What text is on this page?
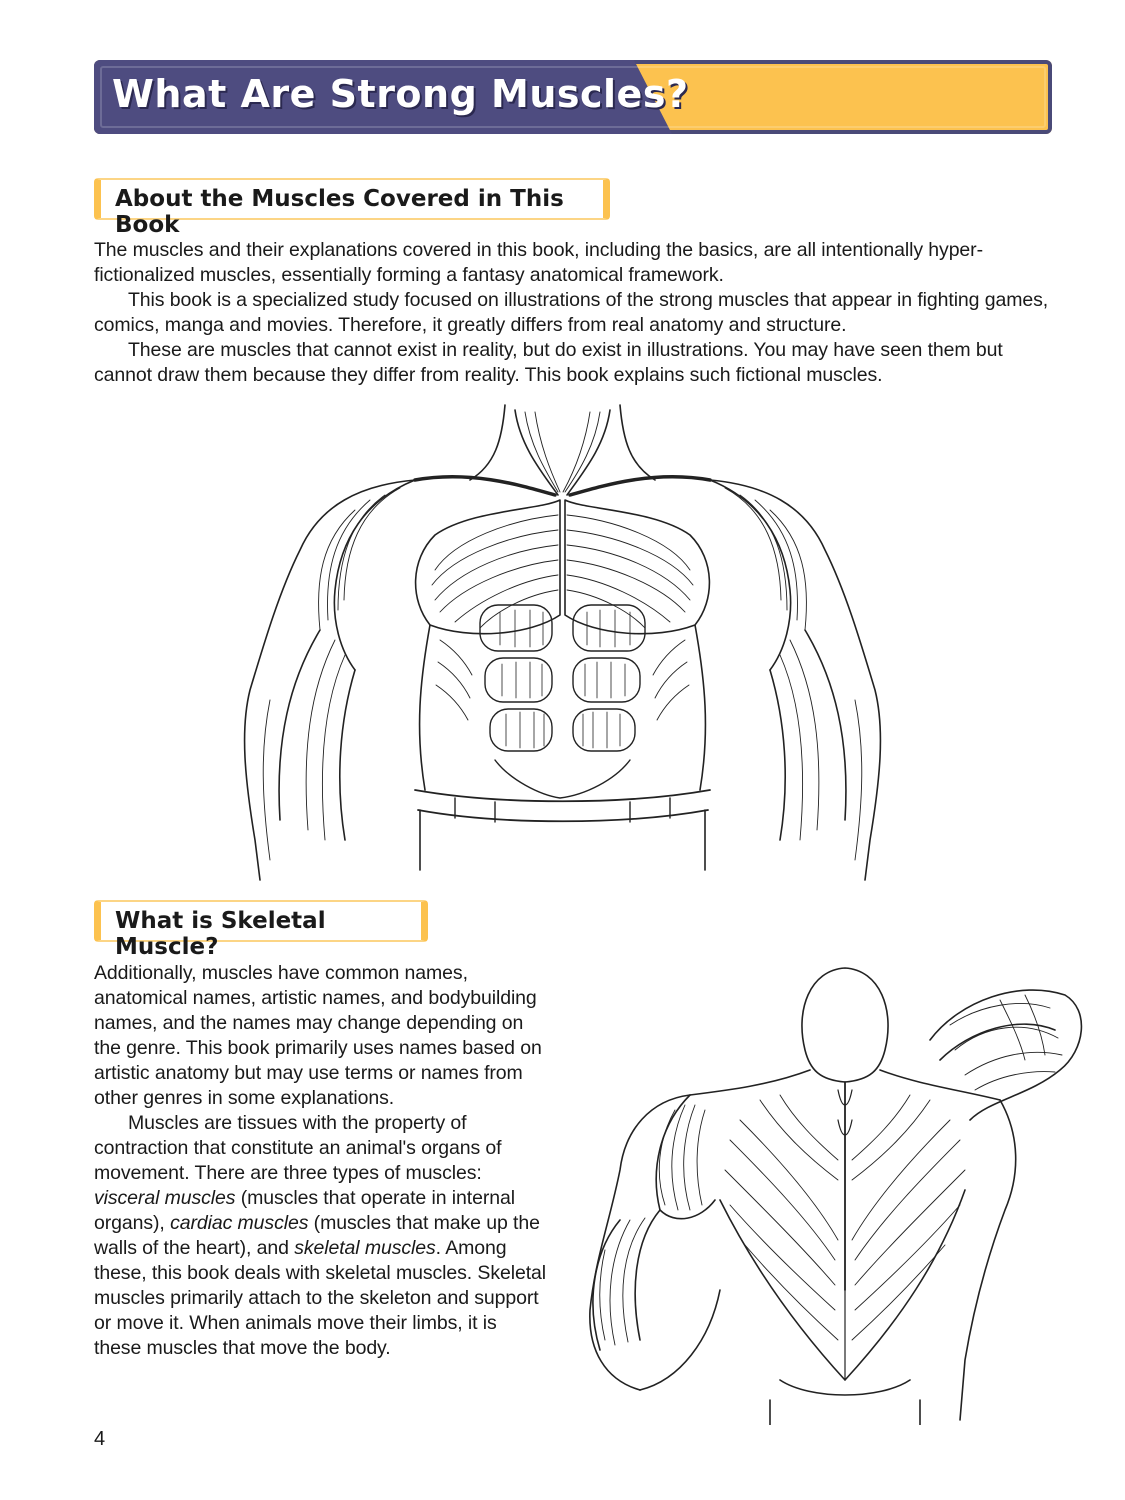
What Are Strong Muscles?
About the Muscles Covered in This Book

The muscles and their explanations covered in this book, including the basics, are all intentionally hyper-fictionalized muscles, essentially forming a fantasy anatomical framework.

This book is a specialized study focused on illustrations of the strong muscles that appear in fighting games, comics, manga and movies. Therefore, it greatly differs from real anatomy and structure.

These are muscles that cannot exist in reality, but do exist in illustrations. You may have seen them but cannot draw them because they differ from reality. This book explains such fictional muscles.

What is Skeletal Muscle?

Additionally, muscles have common names, anatomical names, artistic names, and bodybuilding names, and the names may change depending on the genre. This book primarily uses names based on artistic anatomy but may use terms or names from other genres in some explanations.

Muscles are tissues with the property of contraction that constitute an animal's organs of movement. There are three types of muscles: visceral muscles (muscles that operate in internal organs), cardiac muscles (muscles that make up the walls of the heart), and skeletal muscles. Among these, this book deals with skeletal muscles. Skeletal muscles primarily attach to the skeleton and support or move it. When animals move their limbs, it is these muscles that move the body.

4
